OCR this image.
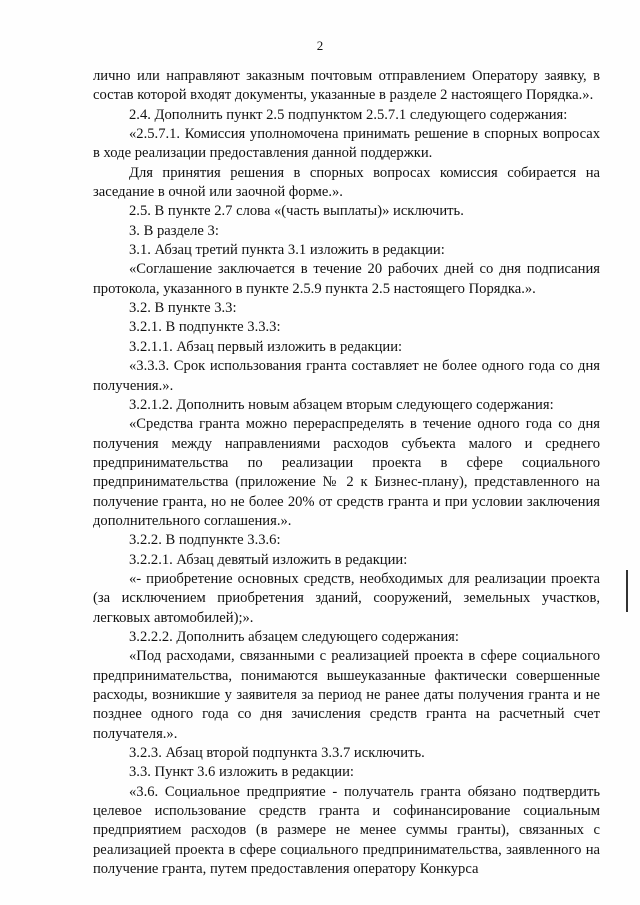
2

лично или направляют заказным почтовым отправлением Оператору заявку, в состав которой входят документы, указанные в разделе 2 настоящего Порядка.».

2.4. Дополнить пункт 2.5 подпунктом 2.5.7.1 следующего содержания:

«2.5.7.1. Комиссия уполномочена принимать решение в спорных вопросах в ходе реализации предоставления данной поддержки.

Для принятия решения в спорных вопросах комиссия собирается на заседание в очной или заочной форме.».

2.5. В пункте 2.7 слова «(часть выплаты)» исключить.

3. В разделе 3:

3.1. Абзац третий пункта 3.1 изложить в редакции:

«Соглашение заключается в течение 20 рабочих дней со дня подписания протокола, указанного в пункте 2.5.9 пункта 2.5 настоящего Порядка.».

3.2. В пункте 3.3:

3.2.1. В подпункте 3.3.3:

3.2.1.1. Абзац первый изложить в редакции:

«3.3.3. Срок использования гранта составляет не более одного года со дня получения.».

3.2.1.2. Дополнить новым абзацем вторым следующего содержания:

«Средства гранта можно перераспределять в течение одного года со дня получения между направлениями расходов субъекта малого и среднего предпринимательства по реализации проекта в сфере социального предпринимательства (приложение № 2 к Бизнес-плану), представленного на получение гранта, но не более 20% от средств гранта и при условии заключения дополнительного соглашения.».

3.2.2. В подпункте 3.3.6:

3.2.2.1. Абзац девятый изложить в редакции:

«- приобретение основных средств, необходимых для реализации проекта (за исключением приобретения зданий, сооружений, земельных участков, легковых автомобилей);».

3.2.2.2. Дополнить абзацем следующего содержания:

«Под расходами, связанными с реализацией проекта в сфере социального предпринимательства, понимаются вышеуказанные фактически совершенные расходы, возникшие у заявителя за период не ранее даты получения гранта и не позднее одного года со дня зачисления средств гранта на расчетный счет получателя.».

3.2.3. Абзац второй подпункта 3.3.7 исключить.

3.3. Пункт 3.6 изложить в редакции:

«3.6. Социальное предприятие - получатель гранта обязано подтвердить целевое использование средств гранта и софинансирование социальным предприятием расходов (в размере не менее суммы гранты), связанных с реализацией проекта в сфере социального предпринимательства, заявленного на получение гранта, путем предоставления оператору Конкурса
